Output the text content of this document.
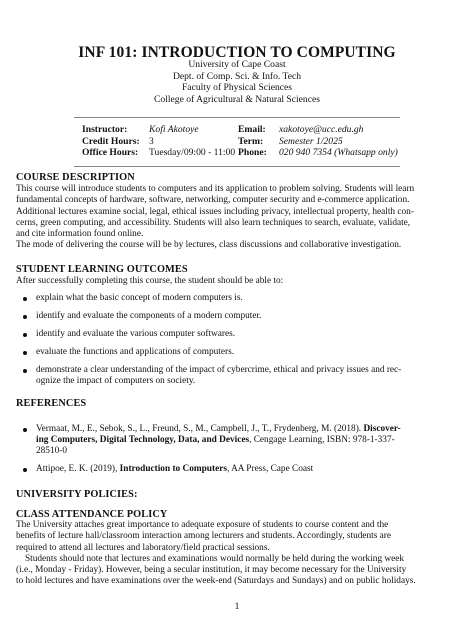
INF 101: INTRODUCTION TO COMPUTING
University of Cape Coast
Dept. of Comp. Sci. & Info. Tech
Faculty of Physical Sciences
College of Agricultural & Natural Sciences
Instructor:	Kofi Akotoye	Email:	xakotoye@ucc.edu.gh
Credit Hours: 3	Term:	Semester 1/2025
Office Hours:	Tuesday/09:00 - 11:00 Phone:	020 940 7354 (Whatsapp only)
COURSE DESCRIPTION
This course will introduce students to computers and its application to problem solving. Students will learn
fundamental concepts of hardware, software, networking, computer security and e-commerce application.
Additional lectures examine social, legal, ethical issues including privacy, intellectual property, health con-
cerns, green computing, and accessibility. Students will also learn techniques to search, evaluate, validate,
and cite information found online.
The mode of delivering the course will be by lectures, class discussions and collaborative investigation.
STUDENT LEARNING OUTCOMES
After successfully completing this course, the student should be able to:
explain what the basic concept of modern computers is.
identify and evaluate the components of a modern computer.
identify and evaluate the various computer softwares.
evaluate the functions and applications of computers.
demonstrate a clear understanding of the impact of cybercrime, ethical and privacy issues and rec-
ognize the impact of computers on society.
REFERENCES
Vermaat, M., E., Sebok, S., L., Freund, S., M., Campbell, J., T., Frydenberg, M. (2018). Discover-
ing Computers, Digital Technology, Data, and Devices, Cengage Learning, ISBN: 978-1-337-
28510-0
Attipoe, E. K. (2019), Introduction to Computers, AA Press, Cape Coast
UNIVERSITY POLICIES:
CLASS ATTENDANCE POLICY
The University attaches great importance to adequate exposure of students to course content and the
benefits of lecture hall/classroom interaction among lecturers and students. Accordingly, students are
required to attend all lectures and laboratory/field practical sessions.
Students should note that lectures and examinations would normally be held during the working week
(i.e., Monday - Friday). However, being a secular institution, it may become necessary for the University
to hold lectures and have examinations over the week-end (Saturdays and Sundays) and on public holidays.
1
